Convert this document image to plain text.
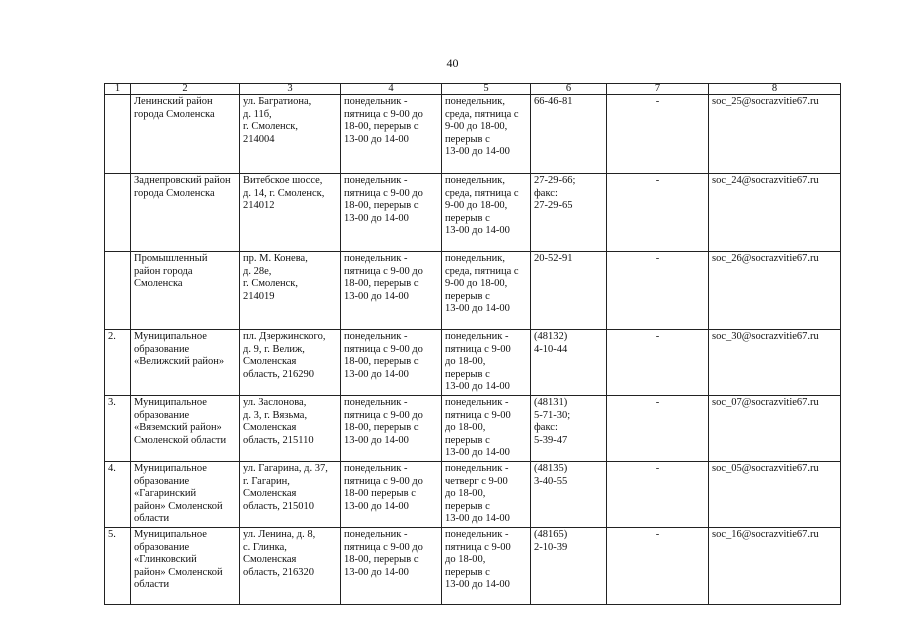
40
1	2	3	4	5	6	7	8
	Ленинский район города Смоленска	ул. Багратиона,
д. 11б,
г. Смоленск,
214004	понедельник -
пятница с 9-00 до
18-00, перерыв с
13-00 до 14-00	понедельник,
среда, пятница с
9-00 до 18-00,
перерыв с
13-00 до 14-00	66-46-81	-	soc_25@socrazvitie67.ru
	Заднепровский район города Смоленска	Витебское шоссе,
д. 14, г. Смоленск,
214012	понедельник -
пятница с 9-00 до
18-00, перерыв с
13-00 до 14-00	понедельник,
среда, пятница с
9-00 до 18-00,
перерыв с
13-00 до 14-00	27-29-66;
факс:
27-29-65	-	soc_24@socrazvitie67.ru
	Промышленный район города Смоленска	пр. М. Конева,
д. 28е,
г. Смоленск,
214019	понедельник -
пятница с 9-00 до
18-00, перерыв с
13-00 до 14-00	понедельник,
среда, пятница с
9-00 до 18-00,
перерыв с
13-00 до 14-00	20-52-91	-	soc_26@socrazvitie67.ru
2.	Муниципальное
образование
«Велижский район»	пл. Дзержинского,
д. 9, г. Велиж,
Смоленская
область, 216290	понедельник -
пятница с 9-00 до
18-00, перерыв с
13-00 до 14-00	понедельник -
пятница с 9-00
до 18-00,
перерыв с
13-00 до 14-00	(48132)
4-10-44	-	soc_30@socrazvitie67.ru
3.	Муниципальное
образование
«Вяземский район»
Смоленской области	ул. Заслонова,
д. 3, г. Вязьма,
Смоленская
область, 215110	понедельник -
пятница с 9-00 до
18-00, перерыв с
13-00 до 14-00	понедельник -
пятница с 9-00
до 18-00,
перерыв с
13-00 до 14-00	(48131)
5-71-30;
факс:
5-39-47	-	soc_07@socrazvitie67.ru
4.	Муниципальное
образование
«Гагаринский
район» Смоленской
области	ул. Гагарина, д. 37,
г. Гагарин,
Смоленская
область, 215010	понедельник -
пятница с 9-00 до
18-00 перерыв с
13-00 до 14-00	понедельник -
четверг с 9-00
до 18-00,
перерыв с
13-00 до 14-00	(48135)
3-40-55	-	soc_05@socrazvitie67.ru
5.	Муниципальное
образование
«Глинковский
район» Смоленской
области	ул. Ленина, д. 8,
с. Глинка,
Смоленская
область, 216320	понедельник -
пятница с 9-00 до
18-00, перерыв с
13-00 до 14-00	понедельник -
пятница с 9-00
до 18-00,
перерыв с
13-00 до 14-00	(48165)
2-10-39	-	soc_16@socrazvitie67.ru
